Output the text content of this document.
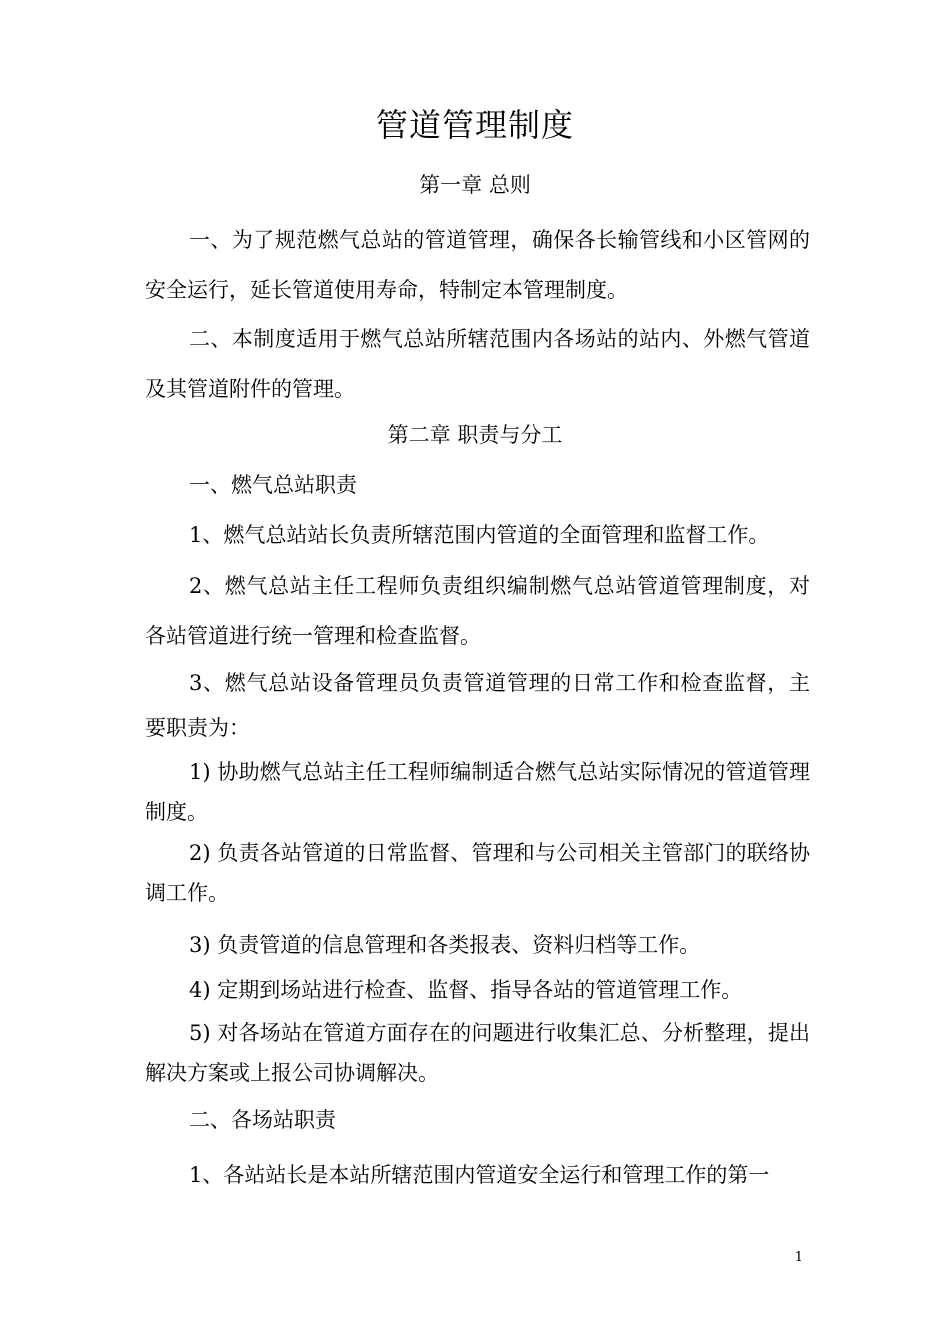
管道管理制度
第一章 总则

一、为了规范燃气总站的管道管理，确保各长输管线和小区管网的安全运行，延长管道使用寿命，特制定本管理制度。

二、本制度适用于燃气总站所辖范围内各场站的站内、外燃气管道及其管道附件的管理。

第二章 职责与分工

一、燃气总站职责

1、燃气总站站长负责所辖范围内管道的全面管理和监督工作。

2、燃气总站主任工程师负责组织编制燃气总站管道管理制度，对各站管道进行统一管理和检查监督。

3、燃气总站设备管理员负责管道管理的日常工作和检查监督，主要职责为：

1) 协助燃气总站主任工程师编制适合燃气总站实际情况的管道管理制度。

2) 负责各站管道的日常监督、管理和与公司相关主管部门的联络协调工作。

3) 负责管道的信息管理和各类报表、资料归档等工作。

4) 定期到场站进行检查、监督、指导各站的管道管理工作。

5) 对各场站在管道方面存在的问题进行收集汇总、分析整理，提出解决方案或上报公司协调解决。

二、各场站职责

1、各站站长是本站所辖范围内管道安全运行和管理工作的第一

1
